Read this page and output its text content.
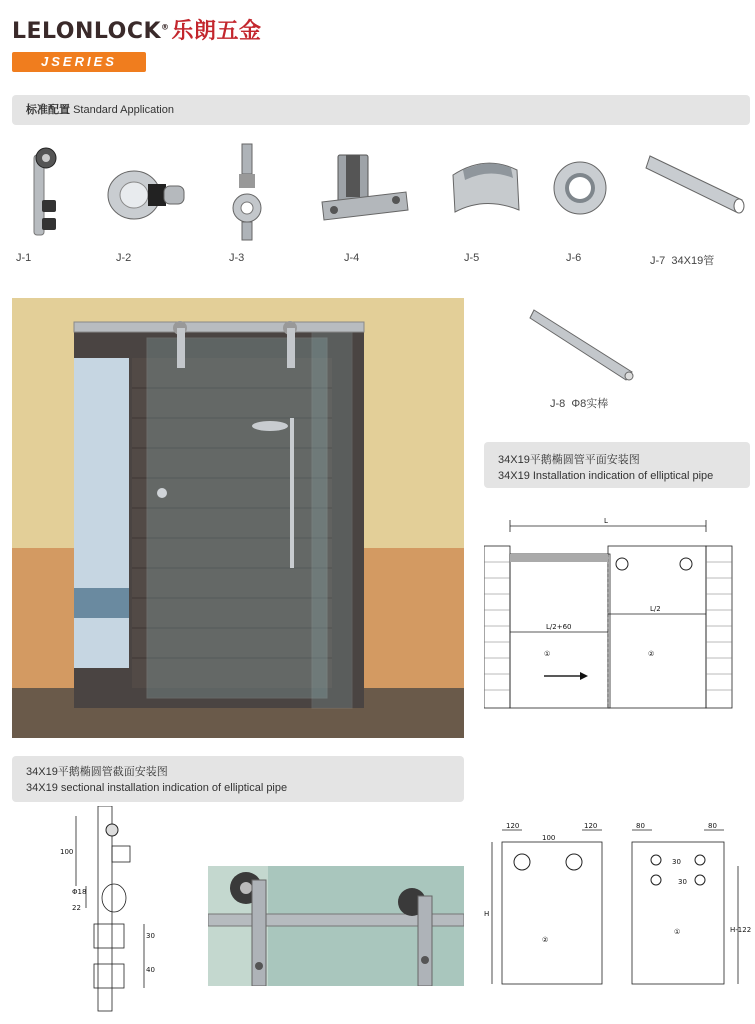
LELONLOCK®乐朗五金
JSERIES
标准配置 Standard Application
J-1	J-2	J-3	J-4	J-5	J-6	J-7 34X19管
J-8 Φ8实棒
34X19平鹅椭圆管平面安装图
34X19 Installation indication of elliptical pipe
L
L/2+60
L/2
①	②
34X19平鹅椭圆管截面安装图
34X19 sectional installation indication of elliptical pipe
100
Φ18
22
30
40
120
100
120
H
②
80	80
30
30
H-122
①
